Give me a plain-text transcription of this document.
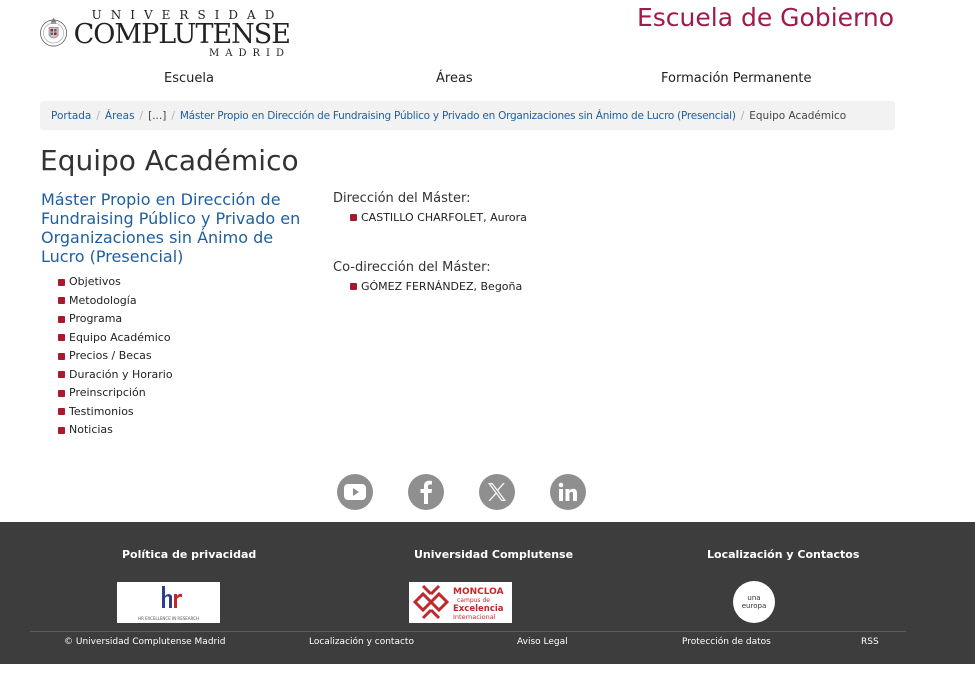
UNIVERSIDAD
COMPLUTENSE
MADRID
Escuela de Gobierno
Escuela	Áreas	Formación Permanente
Portada / Áreas / [...] / Máster Propio en Dirección de Fundraising Público y Privado en Organizaciones sin Ánimo de Lucro (Presencial) / Equipo Académico
Equipo Académico
Máster Propio en Dirección de Fundraising Público y Privado en Organizaciones sin Ánimo de Lucro (Presencial)
Objetivos
Metodología
Programa
Equipo Académico
Precios / Becas
Duración y Horario
Preinscripción
Testimonios
Noticias
Dirección del Máster:
CASTILLO CHARFOLET, Aurora
Co-dirección del Máster:
GÓMEZ FERNÁNDEZ, Begoña
Política de privacidad	Universidad Complutense	Localización y Contactos
HR EXCELLENCE IN RESEARCH
MONCLOA
campus de
Excelencia
Internacional
una
europa
© Universidad Complutense Madrid	Localización y contacto	Aviso Legal	Protección de datos	RSS
